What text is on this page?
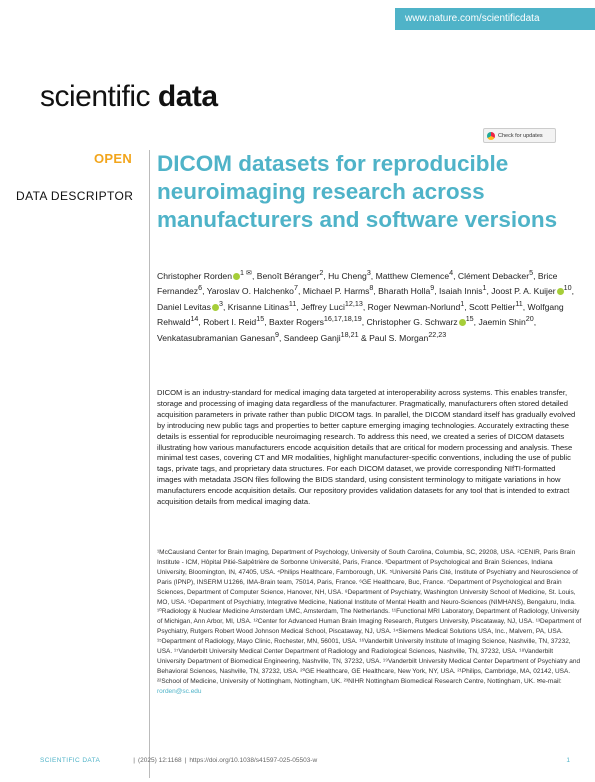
www.nature.com/scientificdata
scientific data
Check for updates
OPEN
DATA DESCRIPTOR
DICOM datasets for reproducible neuroimaging research across manufacturers and software versions
Christopher Rorden $^{1 ✉}$, Benoît Béranger$^2$, Hu Cheng$^3$, Matthew Clemence$^4$, Clément Debacker$^5$, Brice Fernandez$^6$, Yaroslav O. Halchenko$^7$, Michael P. Harms$^8$, Bharath Holla$^9$, Isaiah Innis$^1$, Joost P. A. Kuijer $^{10}$, Daniel Levitas $^3$, Krisanne Litinas$^{11}$, Jeffrey Luci$^{12,13}$, Roger Newman-Norlund$^1$, Scott Peltier$^{11}$, Wolfgang Rehwald$^{14}$, Robert I. Reid$^{15}$, Baxter Rogers$^{16,17,18,19}$, Christopher G. Schwarz $^{15}$, Jaemin Shin$^{20}$, Venkatasubramanian Ganesan$^9$, Sandeep Ganji$^{18,21}$ & Paul S. Morgan$^{22,23}$

DICOM is an industry-standard for medical imaging data targeted at interoperability across systems. This enables transfer, storage and processing of imaging data regardless of the manufacturer. Pragmatically, manufacturers often stored detailed acquisition parameters in private rather than public DICOM tags. In parallel, the DICOM standard itself has gradually evolved by introducing new public tags and properties to better capture emerging imaging technologies. Accurately extracting these details is essential for reproducible neuroimaging research. To address this need, we created a series of DICOM datasets illustrating how various manufacturers encode acquisition details that are critical for modern processing and analysis. These minimal test cases, covering CT and MR modalities, highlight manufacturer-specific conventions, including the use of public tags, private tags, and proprietary data structures. For each DICOM dataset, we provide corresponding NIfTI-formatted images with metadata JSON files following the BIDS standard, using consistent terminology to mitigate variations in how manufacturers encode acquisition details. Our repository provides validation datasets for any tool that is intended to extract acquisition details from medical imaging data.

¹McCausland Center for Brain Imaging, Department of Psychology, University of South Carolina, Columbia, SC, 29208, USA. ²CENIR, Paris Brain Institute - ICM, Hôpital Pitié-Salpêtrière de Sorbonne Université, Paris, France. ³Department of Psychological and Brain Sciences, Indiana University, Bloomington, IN, 47405, USA. ⁴Philips Healthcare, Farnborough, UK. ⁵Université Paris Cité, Institute of Psychiatry and Neuroscience of Paris (IPNP), INSERM U1266, IMA-Brain team, 75014, Paris, France. ⁶GE Healthcare, Buc, France. ⁷Department of Psychological and Brain Sciences, Department of Computer Science, Hanover, NH, USA. ⁸Department of Psychiatry, Washington University School of Medicine, St. Louis, MO, USA. ⁹Department of Psychiatry, Integrative Medicine, National Institute of Mental Health and Neuro-Sciences (NIMHANS), Bengaluru, India. ¹⁰Radiology & Nuclear Medicine Amsterdam UMC, Amsterdam, The Netherlands. ¹¹Functional MRI Laboratory, Department of Radiology, University of Michigan, Ann Arbor, MI, USA. ¹²Center for Advanced Human Brain Imaging Research, Rutgers University, Piscataway, NJ, USA. ¹³Department of Psychiatry, Rutgers Robert Wood Johnson Medical School, Piscataway, NJ, USA. ¹⁴Siemens Medical Solutions USA, Inc., Malvern, PA, USA. ¹⁵Department of Radiology, Mayo Clinic, Rochester, MN, 56001, USA. ¹⁶Vanderbilt University Institute of Imaging Science, Nashville, TN, 37232, USA. ¹⁷Vanderbilt University Medical Center Department of Radiology and Radiological Sciences, Nashville, TN, 37232, USA. ¹⁸Vanderbilt University Department of Biomedical Engineering, Nashville, TN, 37232, USA. ¹⁹Vanderbilt University Medical Center Department of Psychiatry and Behavioral Sciences, Nashville, TN, 37232, USA. ²⁰GE Healthcare, GE Healthcare, New York, NY, USA. ²¹Philips, Cambridge, MA, 02142, USA. ²²School of Medicine, University of Nottingham, Nottingham, UK. ²³NIHR Nottingham Biomedical Research Centre, Nottingham, UK. ✉e-mail: rorden@sc.edu

SCIENTIFIC DATA	| (2025) 12:1168 | https://doi.org/10.1038/s41597-025-05503-w	1
